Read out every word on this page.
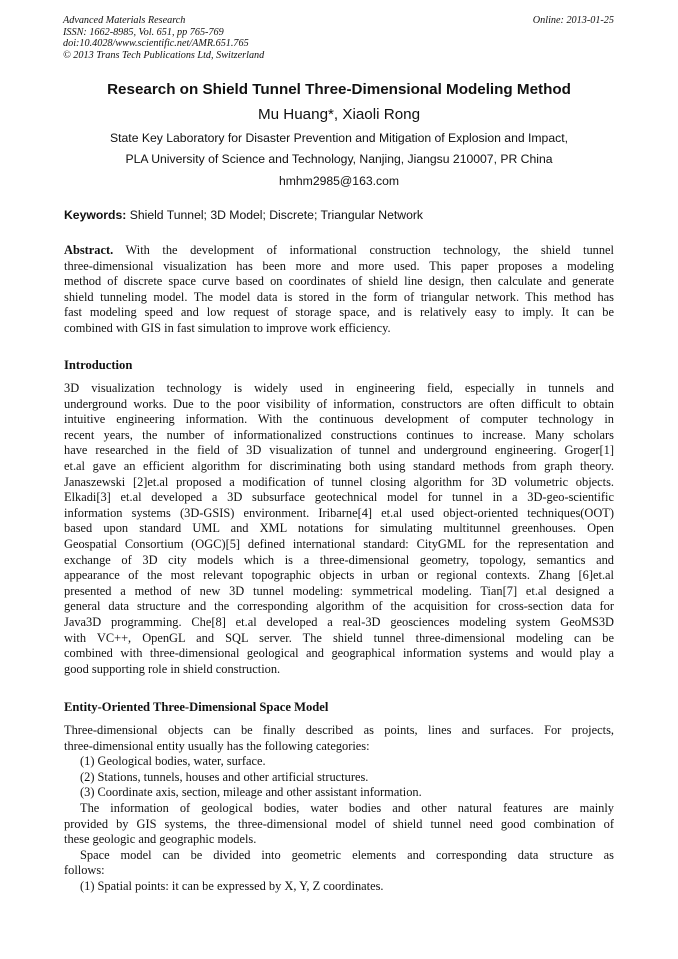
Advanced Materials Research
ISSN: 1662-8985, Vol. 651, pp 765-769
doi:10.4028/www.scientific.net/AMR.651.765
© 2013 Trans Tech Publications Ltd, Switzerland
Online: 2013-01-25
Research on Shield Tunnel Three-Dimensional Modeling Method
Mu Huang*, Xiaoli Rong
State Key Laboratory for Disaster Prevention and Mitigation of Explosion and Impact,
PLA University of Science and Technology, Nanjing, Jiangsu 210007, PR China
hmhm2985@163.com
Keywords: Shield Tunnel; 3D Model; Discrete; Triangular Network
Abstract. With the development of informational construction technology, the shield tunnel
three-dimensional visualization has been more and more used. This paper proposes a modeling
method of discrete space curve based on coordinates of shield line design, then calculate and generate
shield tunneling model. The model data is stored in the form of triangular network. This method has
fast modeling speed and low request of storage space, and is relatively easy to imply. It can be
combined with GIS in fast simulation to improve work efficiency.
Introduction
3D visualization technology is widely used in engineering field, especially in tunnels and
underground works. Due to the poor visibility of information, constructors are often difficult to obtain
intuitive engineering information. With the continuous development of computer technology in
recent years, the number of informationalized constructions continues to increase. Many scholars
have researched in the field of 3D visualization of tunnel and underground engineering. Groger[1]
et.al gave an efficient algorithm for discriminating both using standard methods from graph theory.
Janaszewski [2]et.al proposed a modification of tunnel closing algorithm for 3D volumetric objects.
Elkadi[3] et.al developed a 3D subsurface geotechnical model for tunnel in a 3D-geo-scientific
information systems (3D-GSIS) environment. Iribarne[4] et.al used object-oriented techniques(OOT)
based upon standard UML and XML notations for simulating multitunnel greenhouses. Open
Geospatial Consortium (OGC)[5] defined international standard: CityGML for the representation and
exchange of 3D city models which is a three-dimensional geometry, topology, semantics and
appearance of the most relevant topographic objects in urban or regional contexts. Zhang [6]et.al
presented a method of new 3D tunnel modeling: symmetrical modeling. Tian[7] et.al designed a
general data structure and the corresponding algorithm of the acquisition for cross-section data for
Java3D programming. Che[8] et.al developed a real-3D geosciences modeling system GeoMS3D
with VC++, OpenGL and SQL server. The shield tunnel three-dimensional modeling can be
combined with three-dimensional geological and geographical information systems and would play a
good supporting role in shield construction.
Entity-Oriented Three-Dimensional Space Model
Three-dimensional objects can be finally described as points, lines and surfaces. For projects,
three-dimensional entity usually has the following categories:
(1) Geological bodies, water, surface.
(2) Stations, tunnels, houses and other artificial structures.
(3) Coordinate axis, section, mileage and other assistant information.
The information of geological bodies, water bodies and other natural features are mainly
provided by GIS systems, the three-dimensional model of shield tunnel need good combination of
these geologic and geographic models.
Space model can be divided into geometric elements and corresponding data structure as
follows:
(1) Spatial points: it can be expressed by X, Y, Z coordinates.
